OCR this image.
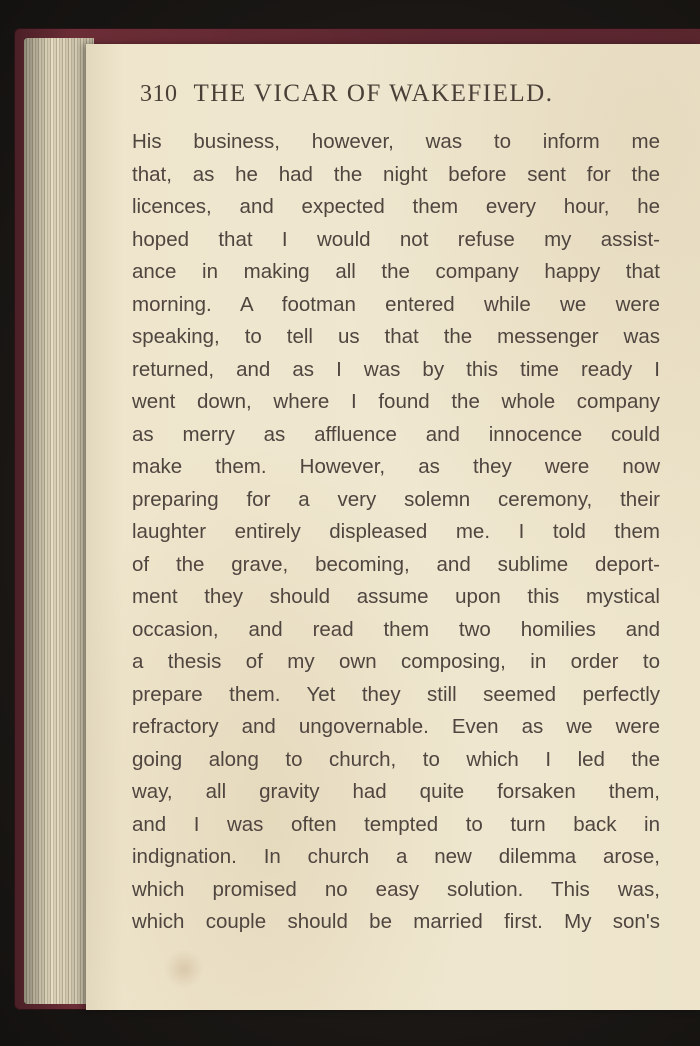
310 THE VICAR OF WAKEFIELD.
His business, however, was to inform me
that, as he had the night before sent for the
licences, and expected them every hour, he
hoped that I would not refuse my assist-
ance in making all the company happy that
morning. A footman entered while we were
speaking, to tell us that the messenger was
returned, and as I was by this time ready I
went down, where I found the whole company
as merry as affluence and innocence could
make them. However, as they were now
preparing for a very solemn ceremony, their
laughter entirely displeased me. I told them
of the grave, becoming, and sublime deport-
ment they should assume upon this mystical
occasion, and read them two homilies and
a thesis of my own composing, in order to
prepare them. Yet they still seemed perfectly
refractory and ungovernable. Even as we were
going along to church, to which I led the
way, all gravity had quite forsaken them,
and I was often tempted to turn back in
indignation. In church a new dilemma arose,
which promised no easy solution. This was,
which couple should be married first. My son's
